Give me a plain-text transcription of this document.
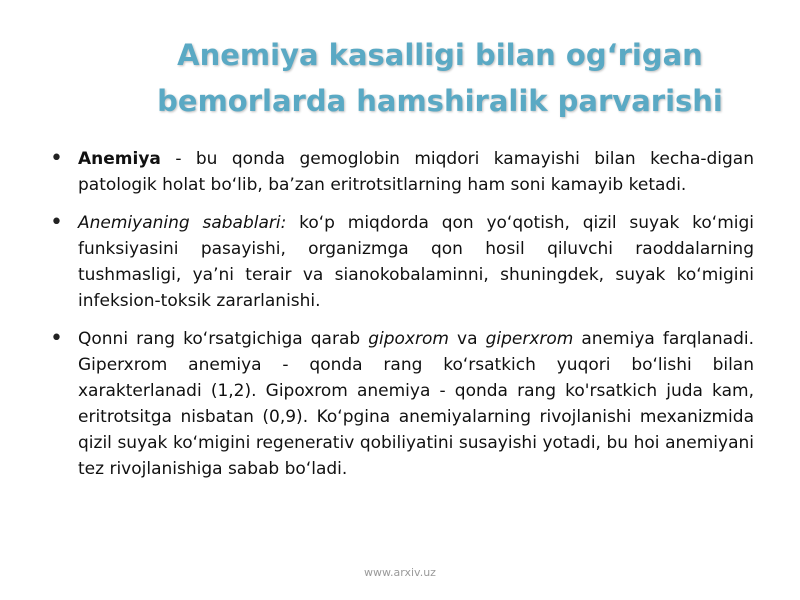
Anemiya kasalligi bilan og‘rigan
bemorlarda hamshiralik parvarishi
• Anemiya - bu qonda gemoglobin miqdori kamayishi bilan kecha-digan patologik holat bo‘lib, ba’zan eritrotsitlarning ham soni kamayib ketadi.
• Anemiyaning sabablari: ko‘p miqdorda qon yo‘qotish, qizil suyak ko‘migi funksiyasini pasayishi, organizmga qon hosil qiluvchi raoddalarning tushmasligi, ya’ni terair va sianokobalaminni, shuningdek, suyak ko‘migini infeksion-toksik zararlanishi.
• Qonni rang ko‘rsatgichiga qarab gipoxrom va giperxrom anemiya farqlanadi. Giperxrom anemiya - qonda rang ko‘rsatkich yuqori bo‘lishi bilan xarakterlanadi (1,2). Gipoxrom anemiya - qonda rang ko'rsatkich juda kam, eritrotsitga nisbatan (0,9). Ko‘pgina anemiyalarning rivojlanishi mexanizmida qizil suyak ko‘migini regenerativ qobiliyatini susayishi yotadi, bu hoi anemiyani tez rivojlanishiga sabab bo‘ladi.
www.arxiv.uz
